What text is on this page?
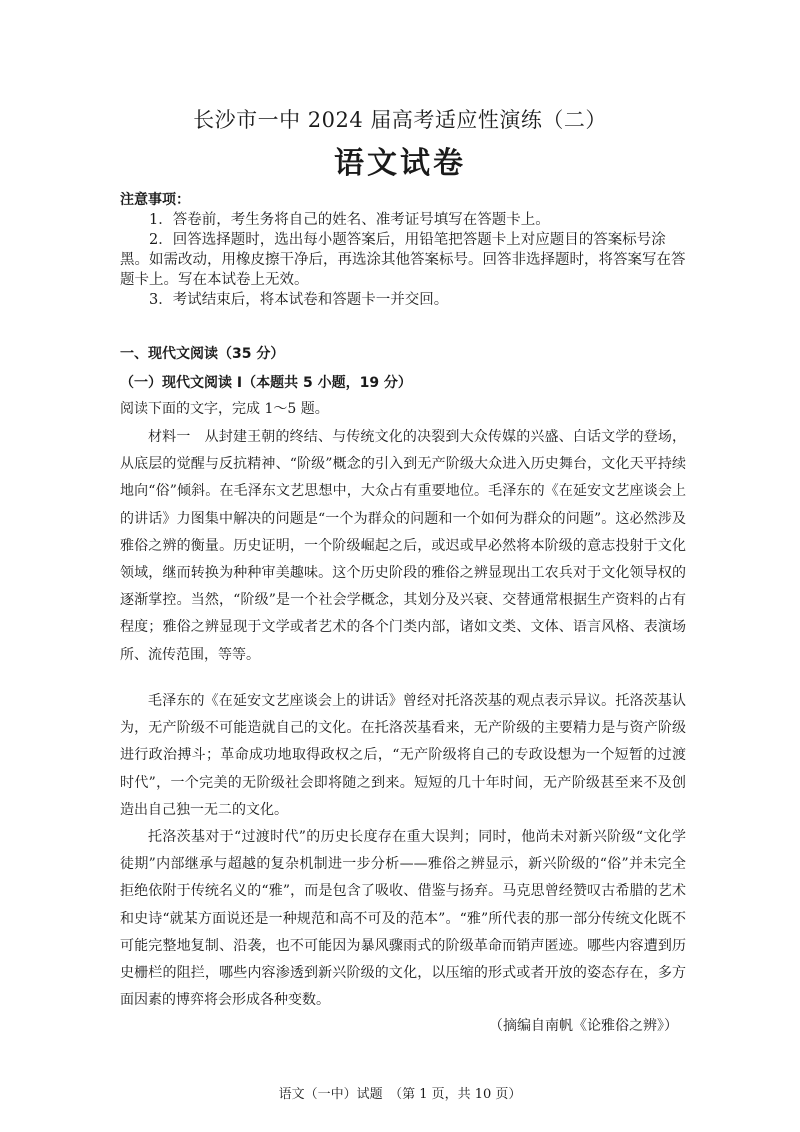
长沙市一中 2024 届高考适应性演练（二）
语文试卷
注意事项：

1．答卷前，考生务将自己的姓名、准考证号填写在答题卡上。

2．回答选择题时，选出每小题答案后，用铅笔把答题卡上对应题目的答案标号涂黑。如需改动，用橡皮擦干净后，再选涂其他答案标号。回答非选择题时，将答案写在答题卡上。写在本试卷上无效。

3．考试结束后，将本试卷和答题卡一并交回。

一、现代文阅读（35 分）
（一）现代文阅读 I（本题共 5 小题，19 分）
阅读下面的文字，完成 1～5 题。

材料一　从封建王朝的终结、与传统文化的决裂到大众传媒的兴盛、白话文学的登场，从底层的觉醒与反抗精神、“阶级”概念的引入到无产阶级大众进入历史舞台，文化天平持续地向“俗”倾斜。在毛泽东文艺思想中，大众占有重要地位。毛泽东的《在延安文艺座谈会上的讲话》力图集中解决的问题是“一个为群众的问题和一个如何为群众的问题”。这必然涉及雅俗之辨的衡量。历史证明，一个阶级崛起之后，或迟或早必然将本阶级的意志投射于文化领域，继而转换为种种审美趣味。这个历史阶段的雅俗之辨显现出工农兵对于文化领导权的逐渐掌控。当然，“阶级”是一个社会学概念，其划分及兴衰、交替通常根据生产资料的占有程度；雅俗之辨显现于文学或者艺术的各个门类内部，诸如文类、文体、语言风格、表演场所、流传范围，等等。

毛泽东的《在延安文艺座谈会上的讲话》曾经对托洛茨基的观点表示异议。托洛茨基认为，无产阶级不可能造就自己的文化。在托洛茨基看来，无产阶级的主要精力是与资产阶级进行政治搏斗；革命成功地取得政权之后，“无产阶级将自己的专政设想为一个短暂的过渡时代”，一个完美的无阶级社会即将随之到来。短短的几十年时间，无产阶级甚至来不及创造出自己独一无二的文化。

托洛茨基对于“过渡时代”的历史长度存在重大误判；同时，他尚未对新兴阶级“文化学徒期”内部继承与超越的复杂机制进一步分析——雅俗之辨显示，新兴阶级的“俗”并未完全拒绝依附于传统名义的“雅”，而是包含了吸收、借鉴与扬弃。马克思曾经赞叹古希腊的艺术和史诗“就某方面说还是一种规范和高不可及的范本”。“雅”所代表的那一部分传统文化既不可能完整地复制、沿袭，也不可能因为暴风骤雨式的阶级革命而销声匿迹。哪些内容遭到历史栅栏的阻拦，哪些内容渗透到新兴阶级的文化，以压缩的形式或者开放的姿态存在，多方面因素的博弈将会形成各种变数。

（摘编自南帆《论雅俗之辨》）
语文（一中）试题　（第 1 页，共 10 页）
